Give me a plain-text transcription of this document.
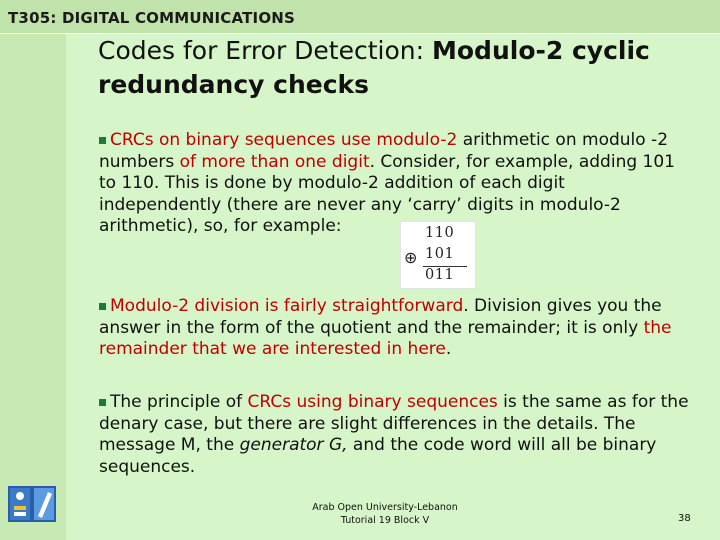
T305: DIGITAL COMMUNICATIONS
Codes for Error Detection: Modulo-2 cyclic redundancy checks
CRCs on binary sequences use modulo-2 arithmetic on modulo -2 numbers of more than one digit. Consider, for example, adding 101 to 110. This is done by modulo-2 addition of each digit independently (there are never any ‘carry’ digits in modulo-2 arithmetic), so, for example:	110
⊕ 101
011
Modulo-2 division is fairly straightforward. Division gives you the answer in the form of the quotient and the remainder; it is only the remainder that we are interested in here.
The principle of CRCs using binary sequences is the same as for the denary case, but there are slight differences in the details. The message M, the generator G, and the code word will all be binary sequences.
Arab Open University-Lebanon
Tutorial 19 Block V	38
